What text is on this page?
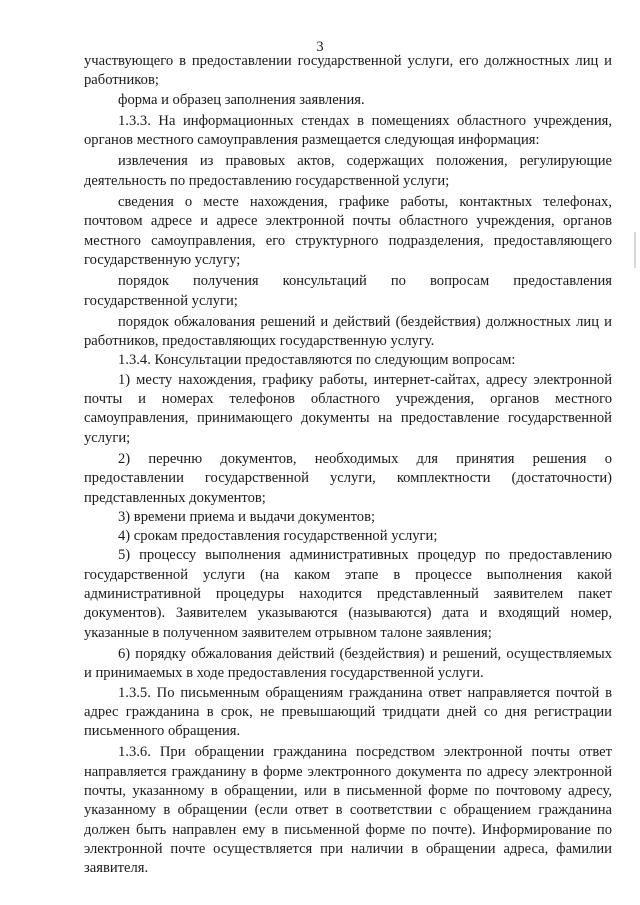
3

участвующего в предоставлении государственной услуги, его должностных лиц и работников;

форма и образец заполнения заявления.

1.3.3. На информационных стендах в помещениях областного учреждения, органов местного самоуправления размещается следующая информация:

извлечения из правовых актов, содержащих положения, регулирующие деятельность по предоставлению государственной услуги;

сведения о месте нахождения, графике работы, контактных телефонах, почтовом адресе и адресе электронной почты областного учреждения, органов местного самоуправления, его структурного подразделения, предоставляющего государственную услугу;

порядок получения консультаций по вопросам предоставления государственной услуги;

порядок обжалования решений и действий (бездействия) должностных лиц и работников, предоставляющих государственную услугу.

1.3.4. Консультации предоставляются по следующим вопросам:

1) месту нахождения, графику работы, интернет-сайтах, адресу электронной почты и номерах телефонов областного учреждения, органов местного самоуправления, принимающего документы на предоставление государственной услуги;

2) перечню документов, необходимых для принятия решения о предоставлении государственной услуги, комплектности (достаточности) представленных документов;

3) времени приема и выдачи документов;

4) срокам предоставления государственной услуги;

5) процессу выполнения административных процедур по предоставлению государственной услуги (на каком этапе в процессе выполнения какой административной процедуры находится представленный заявителем пакет документов). Заявителем указываются (называются) дата и входящий номер, указанные в полученном заявителем отрывном талоне заявления;

6) порядку обжалования действий (бездействия) и решений, осуществляемых и принимаемых в ходе предоставления государственной услуги.

1.3.5. По письменным обращениям гражданина ответ направляется почтой в адрес гражданина в срок, не превышающий тридцати дней со дня регистрации письменного обращения.

1.3.6. При обращении гражданина посредством электронной почты ответ направляется гражданину в форме электронного документа по адресу электронной почты, указанному в обращении, или в письменной форме по почтовому адресу, указанному в обращении (если ответ в соответствии с обращением гражданина должен быть направлен ему в письменной форме по почте). Информирование по электронной почте осуществляется при наличии в обращении адреса, фамилии заявителя.
